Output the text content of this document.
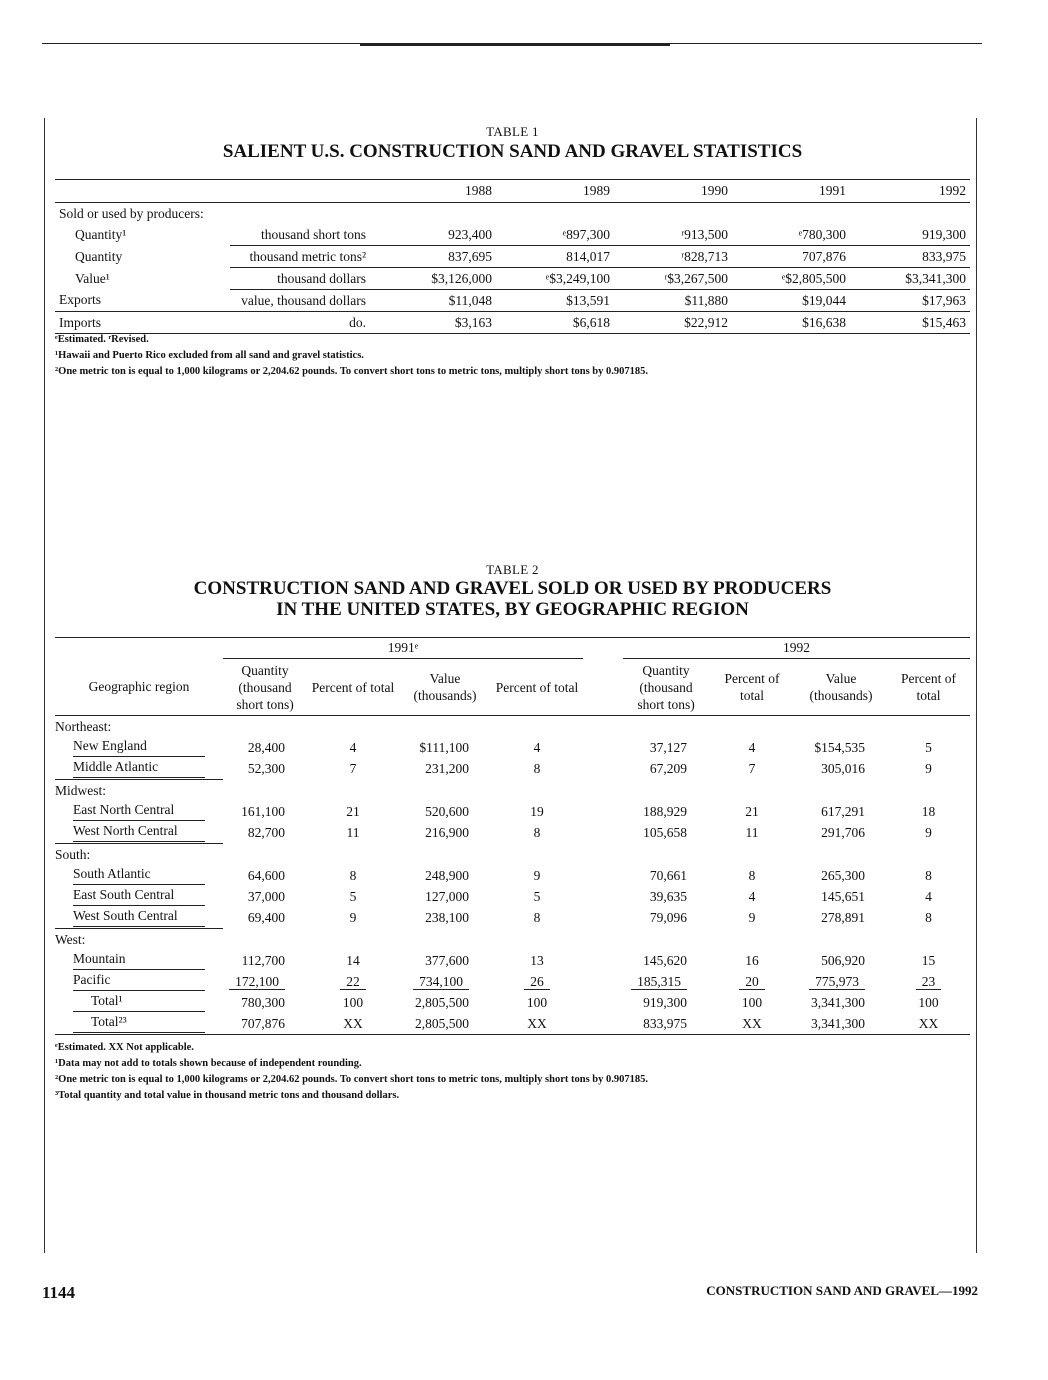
TABLE 1
SALIENT U.S. CONSTRUCTION SAND AND GRAVEL STATISTICS
		1988	1989	1990	1991	1992
Sold or used by producers:						
Quantity¹	thousand short tons	923,400	ᵉ897,300	ʳ913,500	ᵉ780,300	919,300
Quantity	thousand metric tons²	837,695	814,017	ʳ828,713	707,876	833,975
Value¹	thousand dollars	$3,126,000	ᵉ$3,249,100	ʳ$3,267,500	ᵉ$2,805,500	$3,341,300
Exports	value, thousand dollars	$11,048	$13,591	$11,880	$19,044	$17,963
Imports	do.	$3,163	$6,618	$22,912	$16,638	$15,463
ᵉEstimated. ʳRevised.
¹Hawaii and Puerto Rico excluded from all sand and gravel statistics.
²One metric ton is equal to 1,000 kilograms or 2,204.62 pounds. To convert short tons to metric tons, multiply short tons by 0.907185.
TABLE 2
CONSTRUCTION SAND AND GRAVEL SOLD OR USED BY PRODUCERS
IN THE UNITED STATES, BY GEOGRAPHIC REGION
	1991ᵉ					1992			
Geographic region	Quantity (thousand short tons)	Percent of total	Value (thousands)	Percent of total		Quantity (thousand short tons)	Percent of total	Value (thousands)	Percent of total
Northeast:									

New England	28,400	4	$111,100	4		37,127	4	$154,535	5

Middle Atlantic	52,300	7	231,200	8		67,209	7	305,016	9
Midwest:									

East North Central	161,100	21	520,600	19		188,929	21	617,291	18

West North Central	82,700	11	216,900	8		105,658	11	291,706	9
South:									

South Atlantic	64,600	8	248,900	9		70,661	8	265,300	8

East South Central	37,000	5	127,000	5		39,635	4	145,651	4

West South Central	69,400	9	238,100	8		79,096	9	278,891	8
West:									

Mountain	112,700	14	377,600	13		145,620	16	506,920	15

Pacific	172,100	22	734,100	26		185,315	20	775,973	23

Total¹	780,300	100	2,805,500	100		919,300	100	3,341,300	100

Total²³	707,876	XX	2,805,500	XX		833,975	XX	3,341,300	XX
ᵉEstimated. XX Not applicable.
¹Data may not add to totals shown because of independent rounding.
²One metric ton is equal to 1,000 kilograms or 2,204.62 pounds. To convert short tons to metric tons, multiply short tons by 0.907185.
³Total quantity and total value in thousand metric tons and thousand dollars.
1144	CONSTRUCTION SAND AND GRAVEL—1992
